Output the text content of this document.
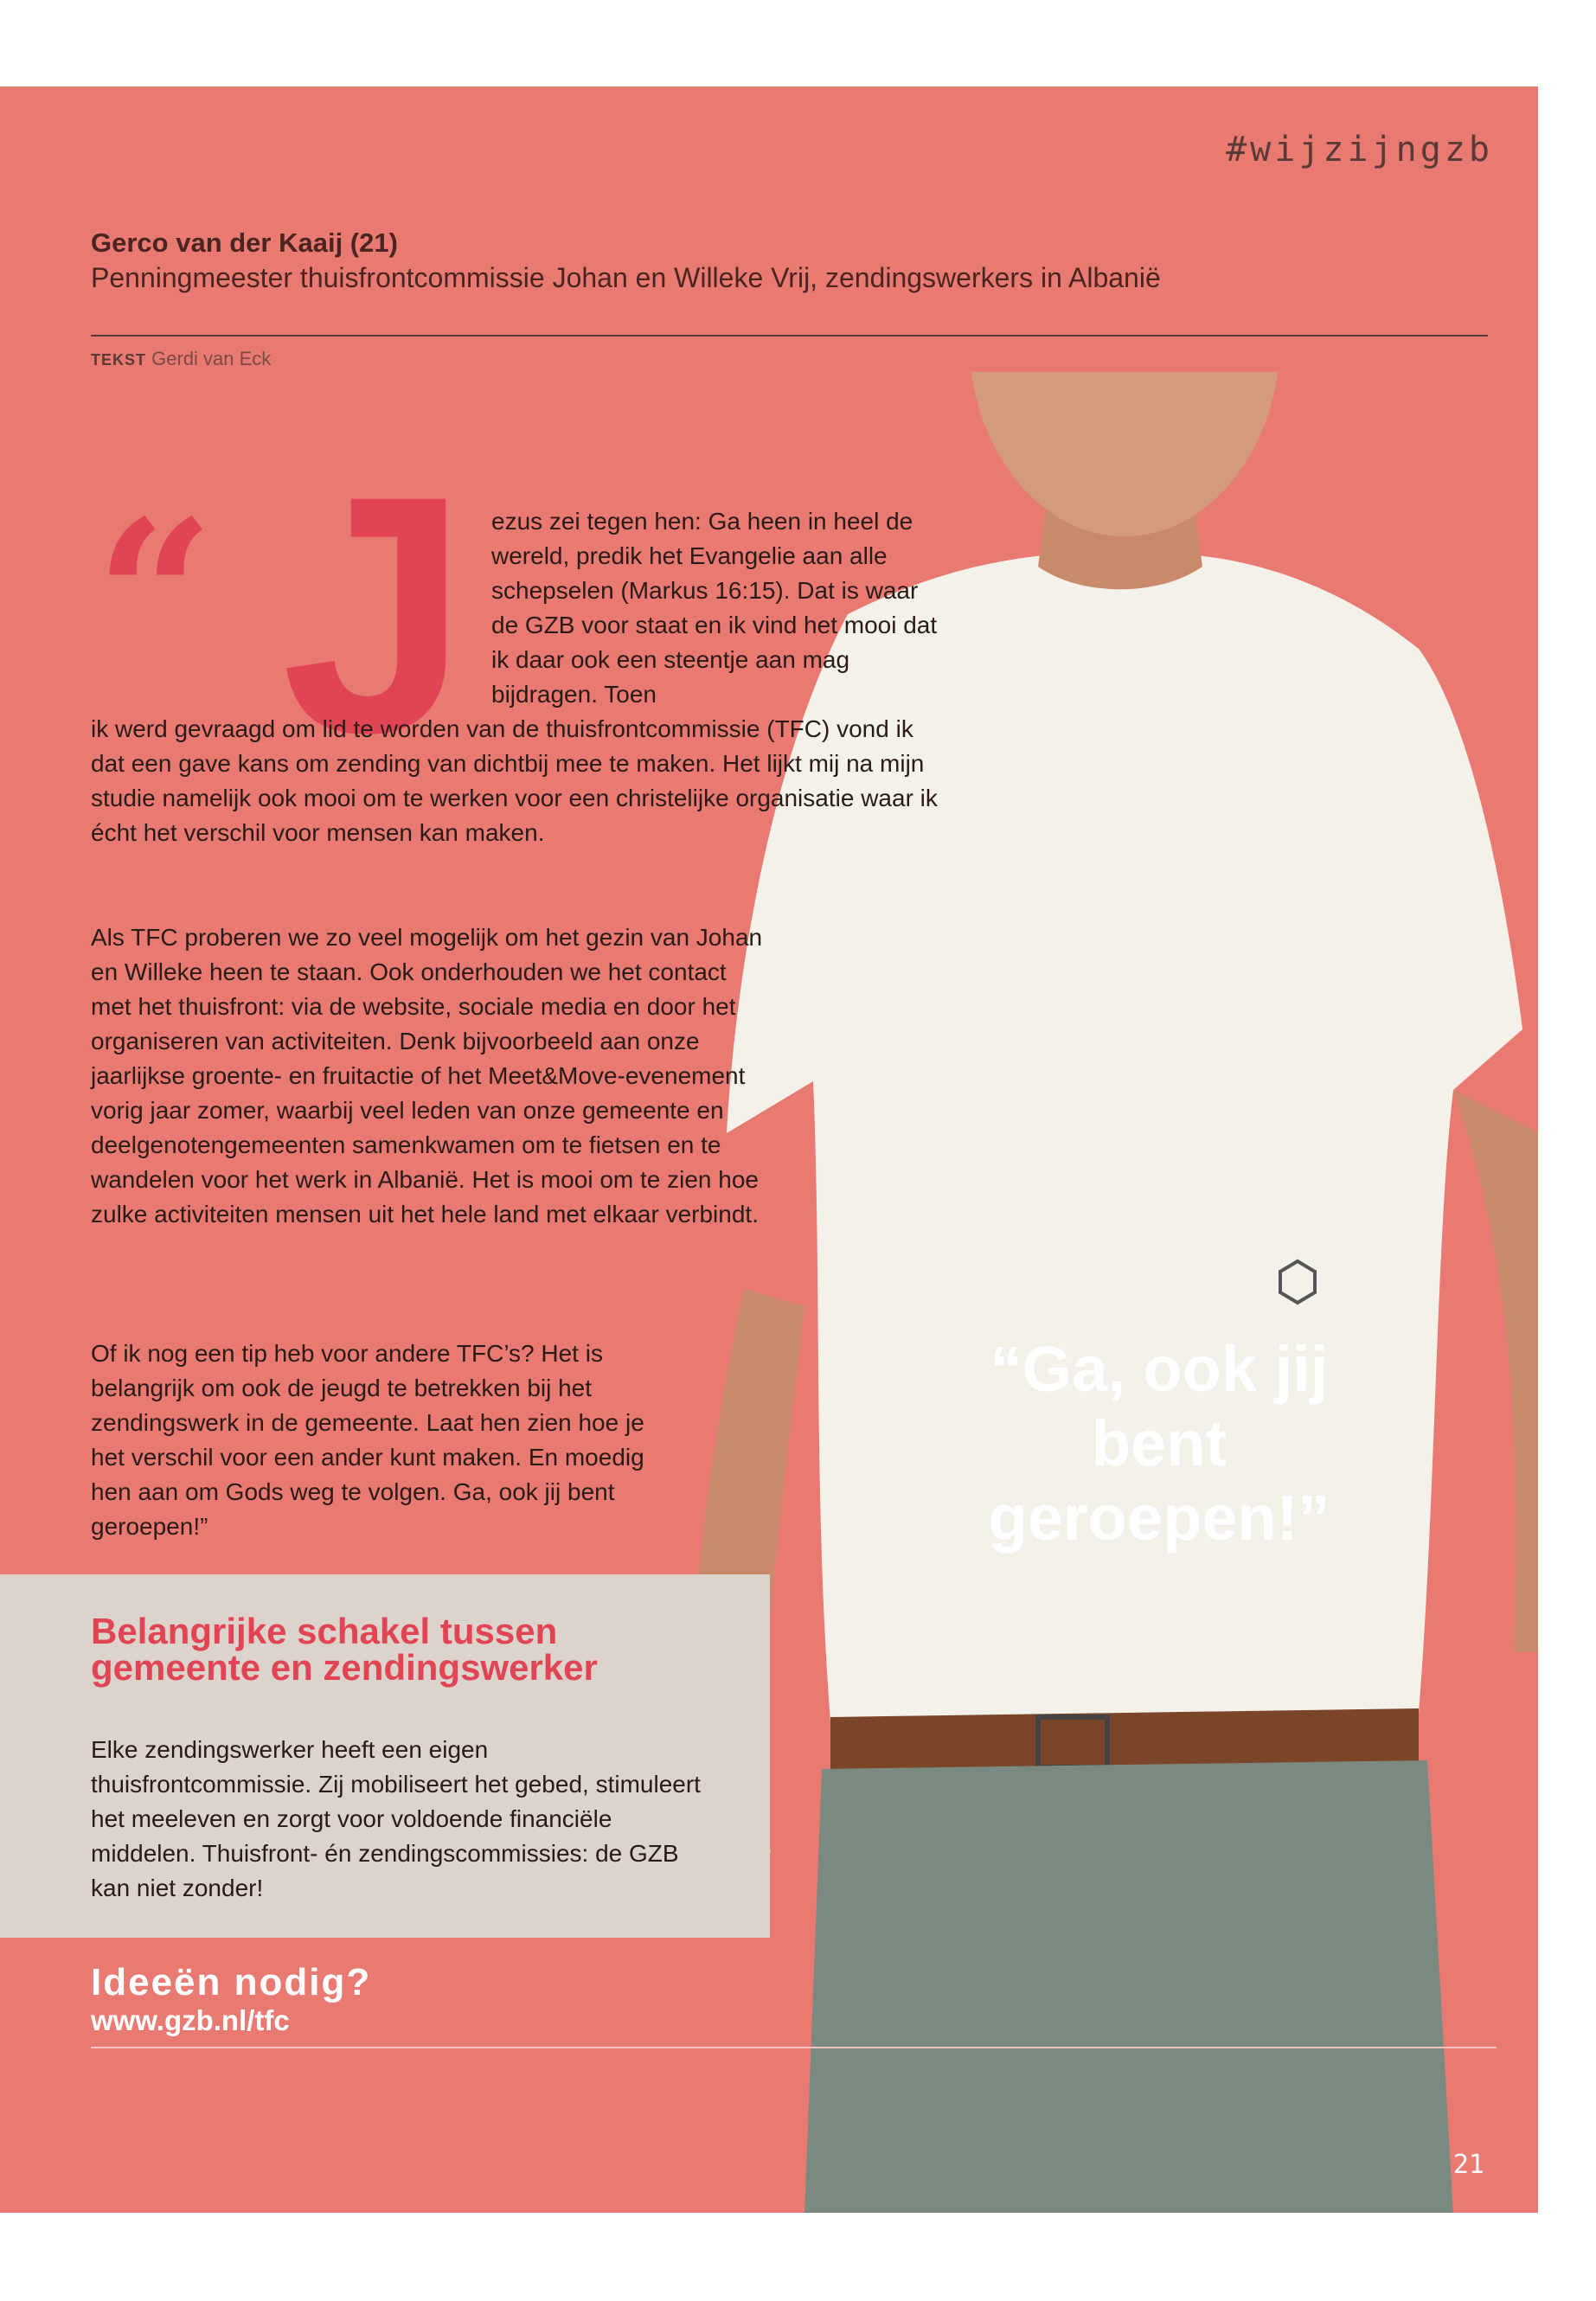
#wijzijngzb

Gerco van der Kaaij (21)

Penningmeester thuisfrontcommissie Johan en Willeke Vrij, zendingswerkers in Albanië

TEKST Gerdi van Eck
“ J ezus zei tegen hen: Ga heen in heel de wereld, predik het Evangelie aan alle schepselen (Markus 16:15). Dat is waar de GZB voor staat en ik vind het mooi dat ik daar ook een steentje aan mag bijdragen. Toen
ik werd gevraagd om lid te worden van de thuisfrontcommissie (TFC) vond ik dat een gave kans om zending van dichtbij mee te maken. Het lijkt mij na mijn studie namelijk ook mooi om te werken voor een christelijke organisatie waar ik écht het verschil voor mensen kan maken.
Als TFC proberen we zo veel mogelijk om het gezin van Johan en Willeke heen te staan. Ook onderhouden we het contact met het thuisfront: via de website, sociale media en door het organiseren van activiteiten. Denk bijvoorbeeld aan onze jaarlijkse groente- en fruitactie of het Meet&Move-evenement vorig jaar zomer, waarbij veel leden van onze gemeente en deelgenotengemeenten samenkwamen om te fietsen en te wandelen voor het werk in Albanië. Het is mooi om te zien hoe zulke activiteiten mensen uit het hele land met elkaar verbindt.
Of ik nog een tip heb voor andere TFC’s? Het is belangrijk om ook de jeugd te betrekken bij het zendingswerk in de gemeente. Laat hen zien hoe je het verschil voor een ander kunt maken. En moedig hen aan om Gods weg te volgen. Ga, ook jij bent geroepen!”
“Ga, ook jij bent geroepen!”
Belangrijke schakel tussen gemeente en zendingswerker

Elke zendingswerker heeft een eigen thuisfrontcommissie. Zij mobiliseert het gebed, stimuleert het meeleven en zorgt voor voldoende financiële middelen. Thuisfront- én zendingscommissies: de GZB kan niet zonder!

Ideeën nodig?
www.gzb.nl/tfc
21
